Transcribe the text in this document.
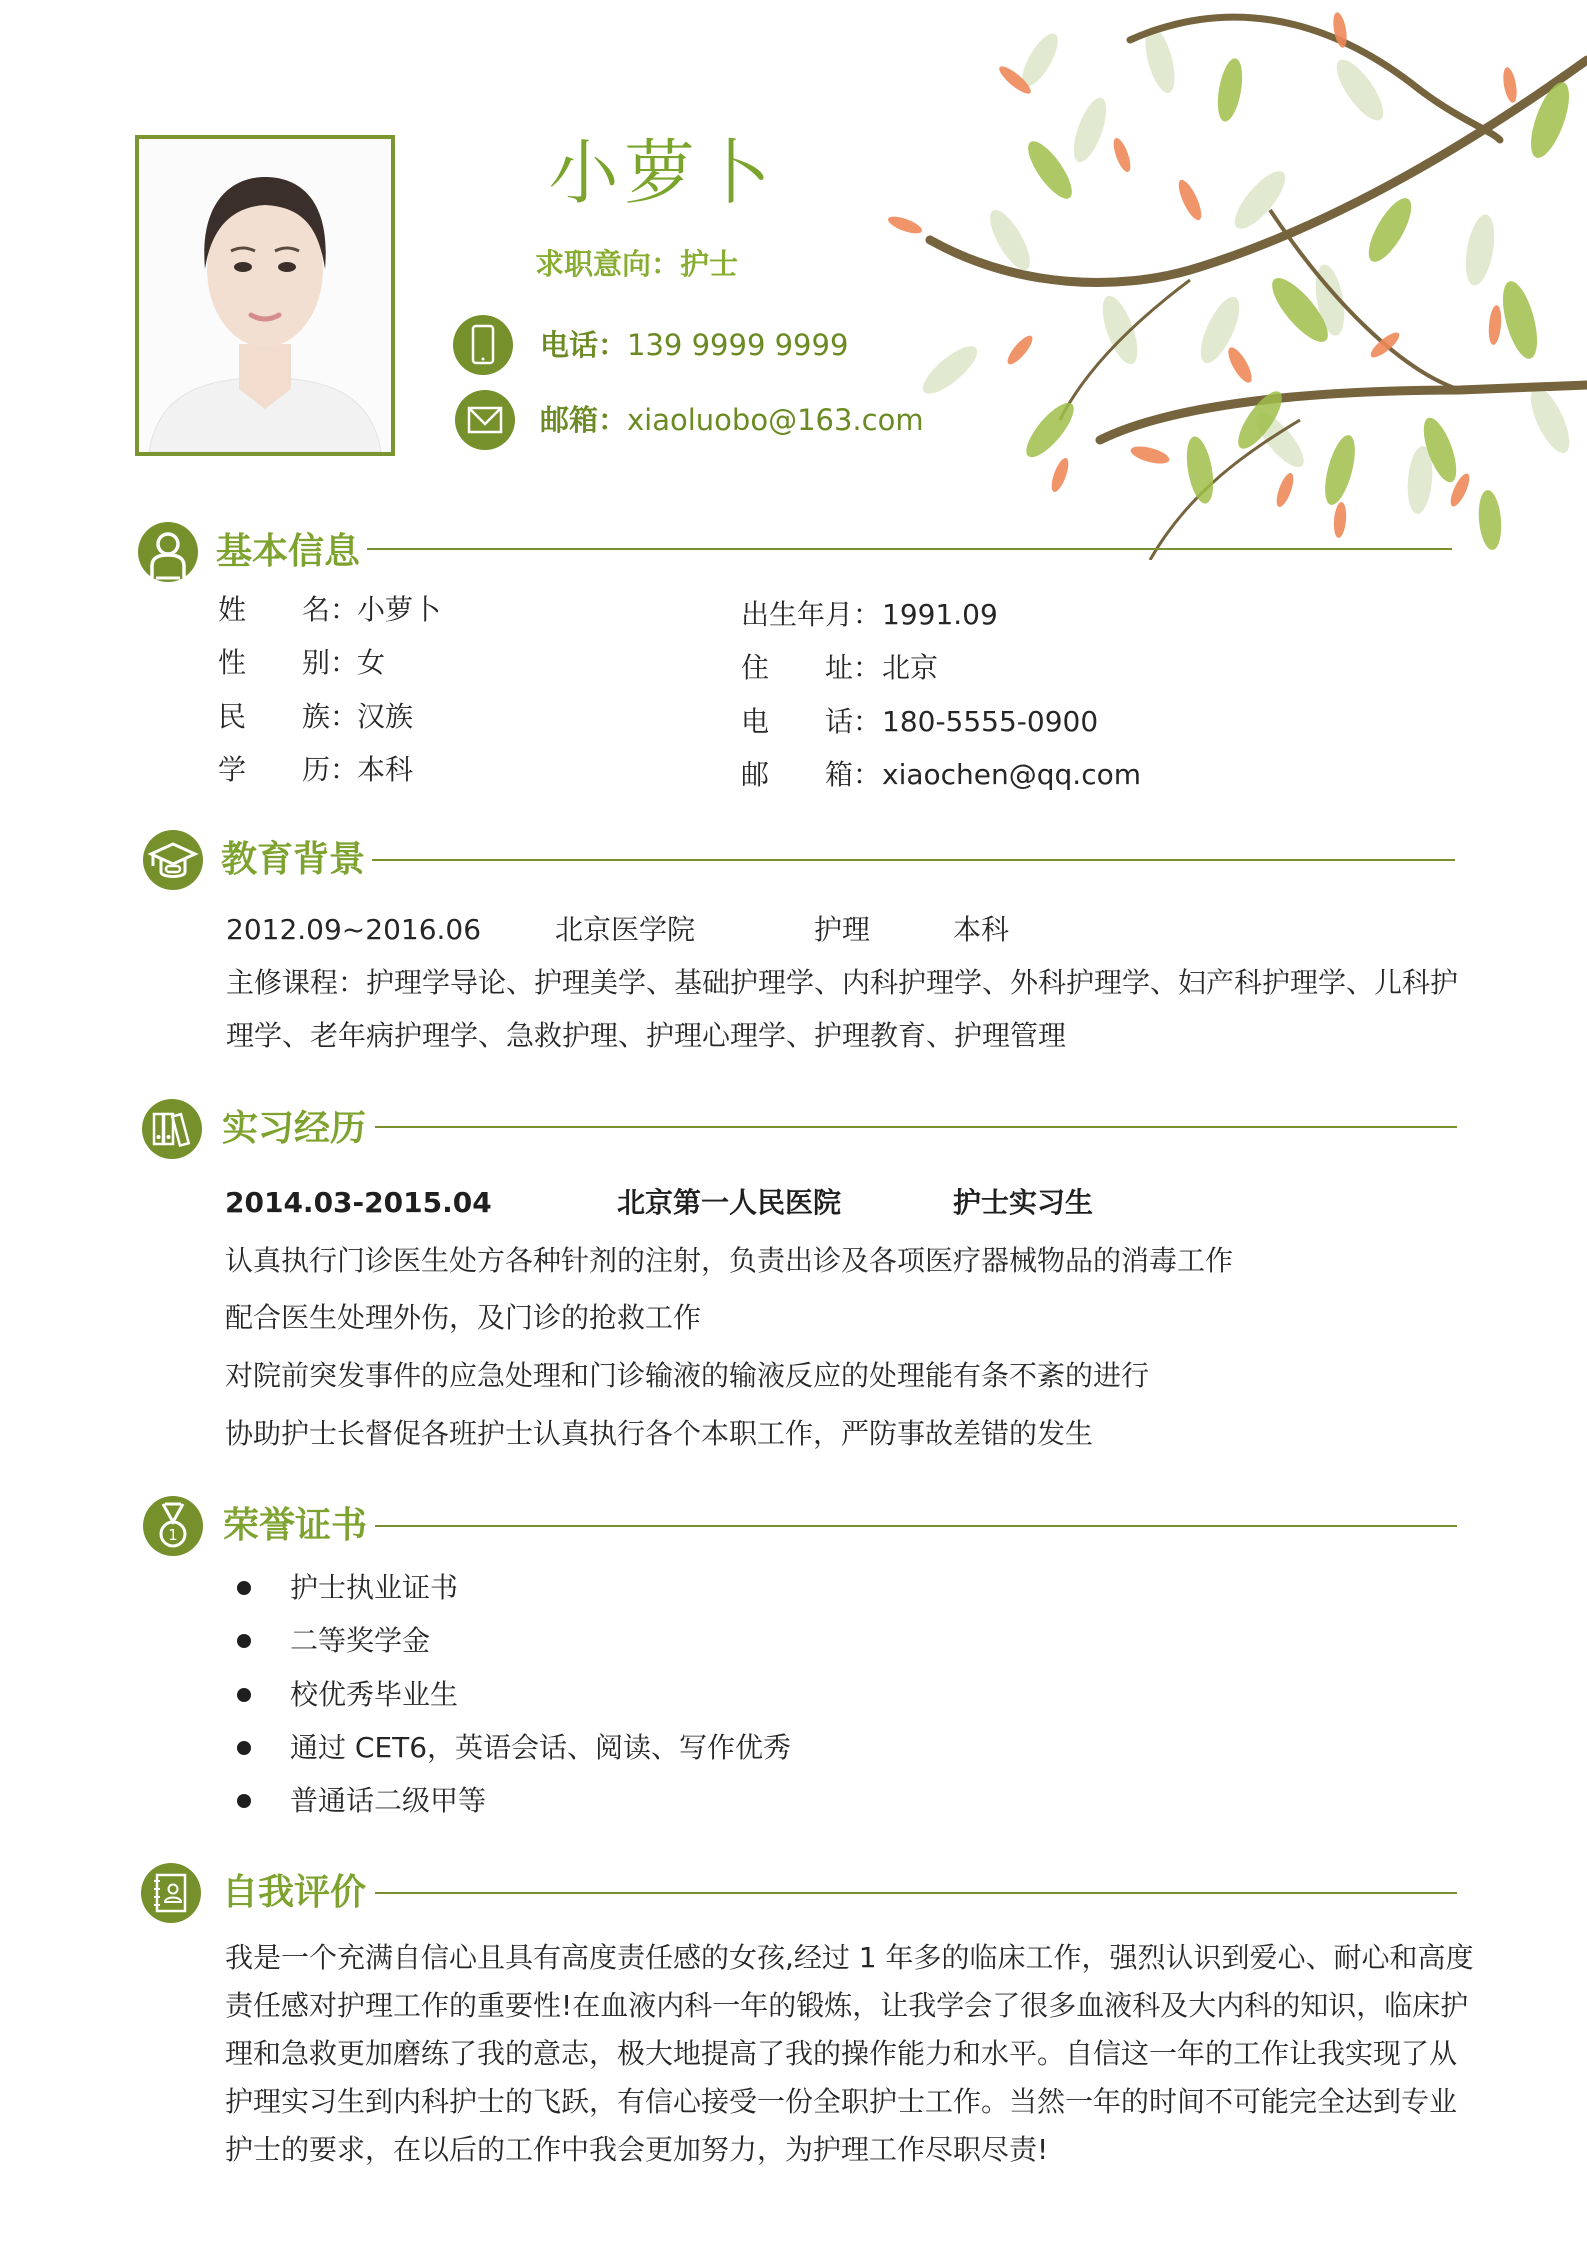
小萝卜
求职意向：护士
电话：139 9999 9999
邮箱：xiaoluobo@163.com
基本信息
姓 名：
小萝卜
性 别：
女
民 族：
汉族
学 历：
本科
出生年月： 1991.09
住 址： 北京
电 话： 180-5555-0900
邮 箱： xiaochen@qq.com
教育背景
2012.09~2016.06	北京医学院	护理	本科
主修课程：护理学导论、护理美学、基础护理学、内科护理学、外科护理学、妇产科护理学、儿科护
理学、老年病护理学、急救护理、护理心理学、护理教育、护理管理
实习经历
2014.03-2015.04	北京第一人民医院	护士实习生
认真执行门诊医生处方各种针剂的注射，负责出诊及各项医疗器械物品的消毒工作
配合医生处理外伤，及门诊的抢救工作
对院前突发事件的应急处理和门诊输液的输液反应的处理能有条不紊的进行
协助护士长督促各班护士认真执行各个本职工作，严防事故差错的发生
1 荣誉证书
护士执业证书
二等奖学金
校优秀毕业生
通过 CET6，英语会话、阅读、写作优秀
普通话二级甲等
自我评价
我是一个充满自信心且具有高度责任感的女孩,经过 1 年多的临床工作，强烈认识到爱心、耐心和高度
责任感对护理工作的重要性!在血液内科一年的锻炼，让我学会了很多血液科及大内科的知识，临床护
理和急救更加磨练了我的意志，极大地提高了我的操作能力和水平。自信这一年的工作让我实现了从
护理实习生到内科护士的飞跃，有信心接受一份全职护士工作。当然一年的时间不可能完全达到专业
护士的要求，在以后的工作中我会更加努力，为护理工作尽职尽责!
